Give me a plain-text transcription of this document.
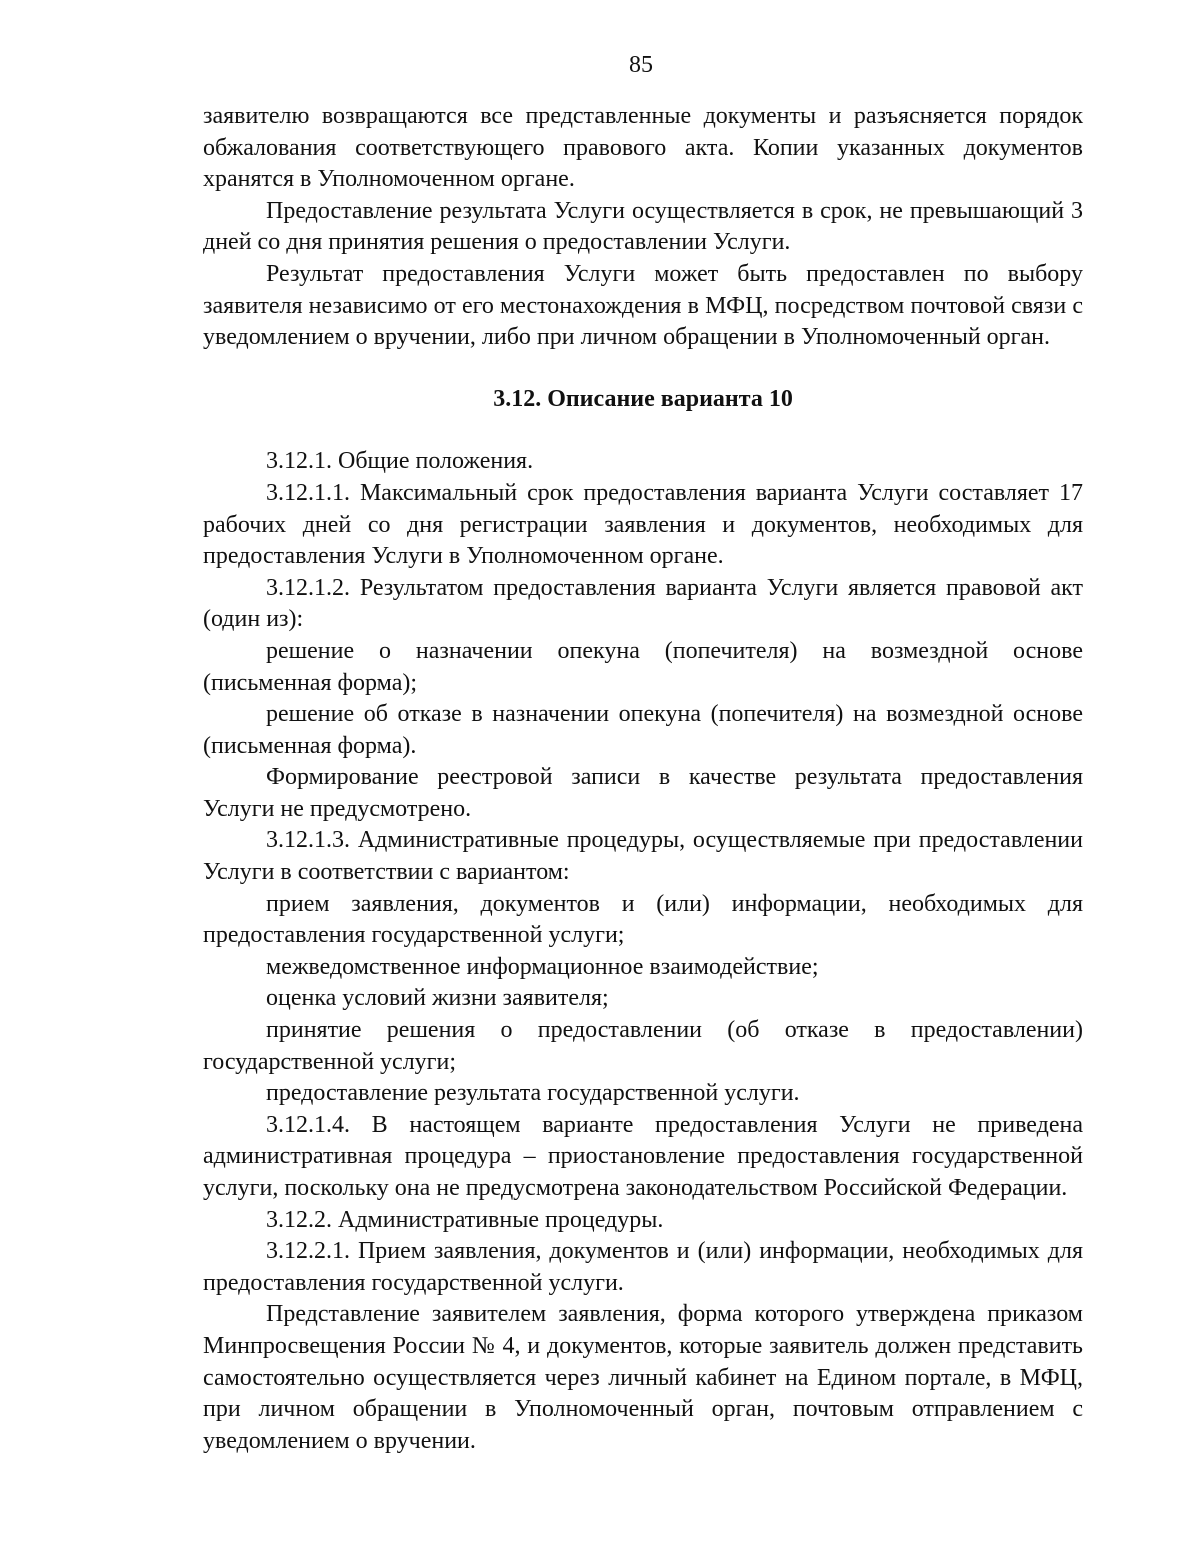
85

заявителю возвращаются все представленные документы и разъясняется порядок обжалования соответствующего правового акта. Копии указанных документов хранятся в Уполномоченном органе.

Предоставление результата Услуги осуществляется в срок, не превышающий 3 дней со дня принятия решения о предоставлении Услуги.

Результат предоставления Услуги может быть предоставлен по выбору заявителя независимо от его местонахождения в МФЦ, посредством почтовой связи с уведомлением о вручении, либо при личном обращении в Уполномоченный орган.

3.12. Описание варианта 10

3.12.1. Общие положения.

3.12.1.1. Максимальный срок предоставления варианта Услуги составляет 17 рабочих дней со дня регистрации заявления и документов, необходимых для предоставления Услуги в Уполномоченном органе.

3.12.1.2. Результатом предоставления варианта Услуги является правовой акт (один из):

решение о назначении опекуна (попечителя) на возмездной основе (письменная форма);

решение об отказе в назначении опекуна (попечителя) на возмездной основе (письменная форма).

Формирование реестровой записи в качестве результата предоставления Услуги не предусмотрено.

3.12.1.3. Административные процедуры, осуществляемые при предоставлении Услуги в соответствии с вариантом:

прием заявления, документов и (или) информации, необходимых для предоставления государственной услуги;

межведомственное информационное взаимодействие;

оценка условий жизни заявителя;

принятие решения о предоставлении (об отказе в предоставлении) государственной услуги;

предоставление результата государственной услуги.

3.12.1.4. В настоящем варианте предоставления Услуги не приведена административная процедура – приостановление предоставления государственной услуги, поскольку она не предусмотрена законодательством Российской Федерации.

3.12.2. Административные процедуры.

3.12.2.1. Прием заявления, документов и (или) информации, необходимых для предоставления государственной услуги.

Представление заявителем заявления, форма которого утверждена приказом Минпросвещения России № 4, и документов, которые заявитель должен представить самостоятельно осуществляется через личный кабинет на Едином портале, в МФЦ, при личном обращении в Уполномоченный орган, почтовым отправлением с уведомлением о вручении.
